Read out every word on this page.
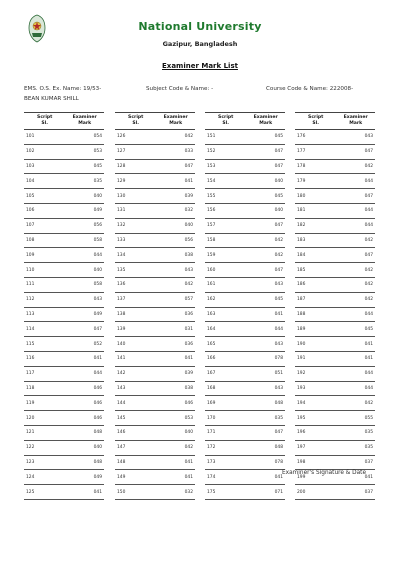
National University
Gazipur, Bangladesh
Examiner Mark List
EMS. O.S. Ex. Name: 19/53-	Subject Code & Name: -	Course Code & Name: 222008-
BEAN KUMAR SHILL
Script
Sl.	Examiner
Mark
101	054
102	053
103	045
104	035
105	040
106	049
107	056
108	058
109	044
110	040
111	058
112	043
113	049
114	047
115	052
116	041
117	044
118	046
119	046
120	046
121	048
122	040
123	048
124	049
125	041
Script
Sl.	Examiner
Mark
126	042
127	033
128	047
129	041
130	039
131	032
132	040
133	056
134	038
135	043
136	042
137	057
138	036
139	031
140	036
141	041
142	039
143	038
144	046
145	053
146	040
147	042
148	041
149	041
150	032
Script
Sl.	Examiner
Mark
151	045
152	047
153	047
154	040
155	045
156	040
157	047
158	042
159	042
160	047
161	043
162	045
163	041
164	044
165	043
166	078
167	051
168	043
169	048
170	035
171	047
172	048
173	078
174	041
175	071
Script
Sl.	Examiner
Mark
176	043
177	047
178	042
179	044
180	047
181	044
182	044
183	042
184	047
185	042
186	042
187	042
188	044
189	045
190	041
191	041
192	044
193	044
194	042
195	055
196	035
197	035
198	037
199	041
200	037
Examiner's Signature & Date
